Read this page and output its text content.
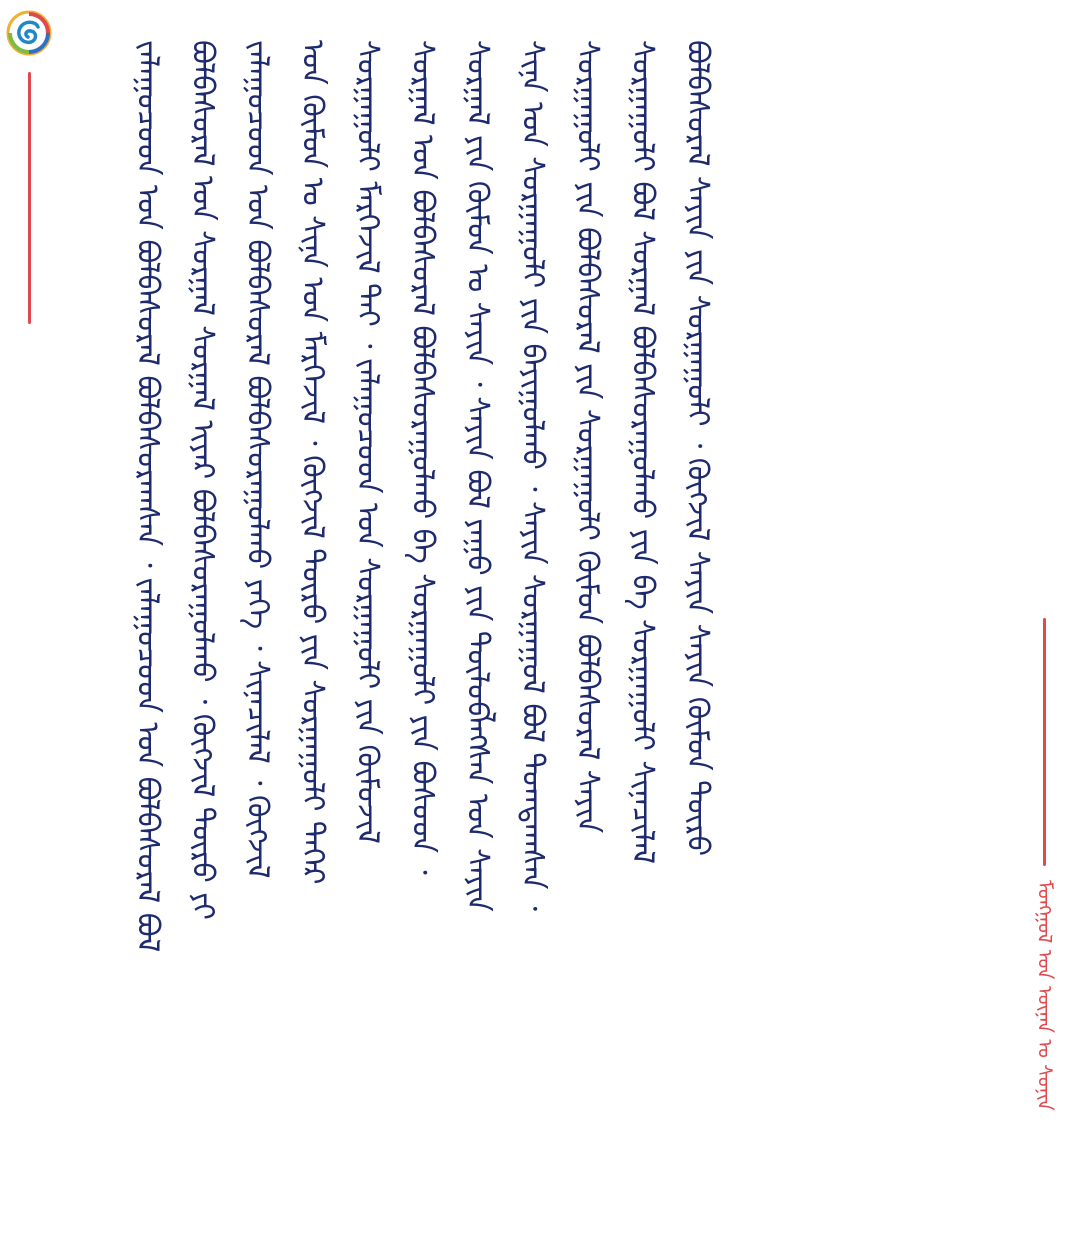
ᠮᠣᠩᠭᠣᠯ ᠤᠨ ᠦᠨᠡᠨ ᠤ ᠰᠣᠨᠢᠨ
ᠵᠠᠯᠠᠭᠤᠴᠤᠳ ᠤᠨ ᠪᠣᠯᠪᠠᠰᠤᠷᠠᠯ ᠪᠣᠯᠪᠠᠰᠤᠷᠠᠭᠰᠠᠨ ᠂ ᠵᠠᠯᠠᠭᠤᠴᠤᠳ ᠤᠨ ᠪᠣᠯᠪᠠᠰᠤᠷᠠᠯ ᠪᠣᠯ ᠪᠣᠯᠪᠠᠰᠤᠷᠠᠯ ᠤᠨ ᠰᠤᠷᠭᠠᠯ ᠰᠤᠷᠭᠠᠯ ᠢᠶᠠᠷ ᠪᠣᠯᠪᠠᠰᠤᠷᠠᠭᠤᠯᠬᠤ ᠂ ᠬᠥᠭᠵᠢᠯ ᠲᠥᠷᠥ ᠶᠢ ᠵᠠᠯᠠᠭᠤᠴᠤᠳ ᠤᠨ ᠪᠣᠯᠪᠠᠰᠤᠷᠠᠯ ᠪᠣᠯᠪᠠᠰᠤᠷᠠᠭᠤᠯᠬᠤ ᠶᠡᠬᠡ ᠂ ᠰᠢᠨᠡᠴᠢᠯᠡᠯ ᠂ ᠬᠥᠭᠵᠢᠯ ᠤᠨ ᠬᠥᠮᠦᠨ ᠤ ᠰᠢᠨᠡ ᠤᠨ ᠮᠡᠷᠭᠡᠵᠢᠯ ᠂ ᠬᠥᠭᠵᠢᠯ ᠲᠥᠷᠥ ᠶᠢᠨ ᠰᠤᠷᠭᠠᠭᠤᠯᠢ ᠳᠡᠭᠡᠷ ᠰᠤᠷᠭᠠᠭᠤᠯᠢ ᠮᠡᠷᠭᠡᠵᠢᠯ ᠲᠡᠢ ᠂ ᠵᠠᠯᠠᠭᠤᠴᠤᠳ ᠤᠨ ᠰᠤᠷᠭᠠᠭᠤᠯᠢ ᠶᠢᠨ ᠬᠥᠮᠦᠵᠢᠯ ᠰᠤᠷᠭᠠᠯ ᠤᠨ ᠪᠣᠯᠪᠠᠰᠤᠷᠠᠯ ᠪᠣᠯᠪᠠᠰᠤᠷᠠᠭᠤᠯᠬᠤ ᠪᠠ ᠰᠤᠷᠭᠠᠭᠤᠯᠢ ᠶᠢᠨ ᠪᠤᠰᠤᠳ ᠂ ᠰᠤᠷᠭᠠᠯ ᠶᠢᠨ ᠬᠦᠮᠦᠨ ᠤ ᠰᠠᠶᠢᠨ ᠂ ᠰᠠᠶᠢᠨ ᠪᠣᠯ ᠶᠠᠭᠤ ᠶᠢᠨ ᠲᠥᠯᠥᠪᠯᠡᠭᠰᠡᠨ ᠤᠨ ᠰᠠᠶᠢᠨ ᠰᠢᠨᠡ ᠤᠨ ᠰᠤᠷᠭᠠᠭᠤᠯᠢ ᠶᠢᠨ ᠪᠠᠶᠢᠭᠤᠯᠬᠤ ᠂ ᠰᠠᠶᠢᠨ ᠰᠤᠷᠭᠠᠭᠤᠯ ᠪᠣᠯ ᠲᠣᠭᠲᠠᠭᠰᠠᠨ ᠂ ᠰᠤᠷᠭᠠᠭᠤᠯᠢ ᠶᠢᠨ ᠪᠣᠯᠪᠠᠰᠤᠷᠠᠯ ᠶᠢᠨ ᠰᠤᠷᠭᠠᠭᠤᠯᠢ ᠬᠦᠮᠦᠨ ᠪᠣᠯᠪᠠᠰᠤᠷᠠᠯ ᠰᠠᠶᠢᠨ ᠰᠤᠷᠭᠠᠭᠤᠯᠢ ᠪᠣᠯ ᠰᠤᠷᠭᠠᠯ ᠪᠣᠯᠪᠠᠰᠤᠷᠠᠭᠤᠯᠬᠤ ᠶᠢᠨ ᠪᠠ ᠰᠤᠷᠭᠠᠭᠤᠯᠢ ᠰᠢᠨᠡᠴᠢᠯᠡᠯ ᠪᠣᠯᠪᠠᠰᠤᠷᠠᠯ ᠰᠠᠶᠢᠨ ᠶᠢᠨ ᠰᠤᠷᠭᠠᠭᠤᠯᠢ ᠂ ᠬᠥᠭᠵᠢᠯ ᠰᠠᠶᠢᠨ ᠰᠠᠶᠢᠨ ᠬᠥᠮᠦᠨ ᠲᠥᠷᠥ
